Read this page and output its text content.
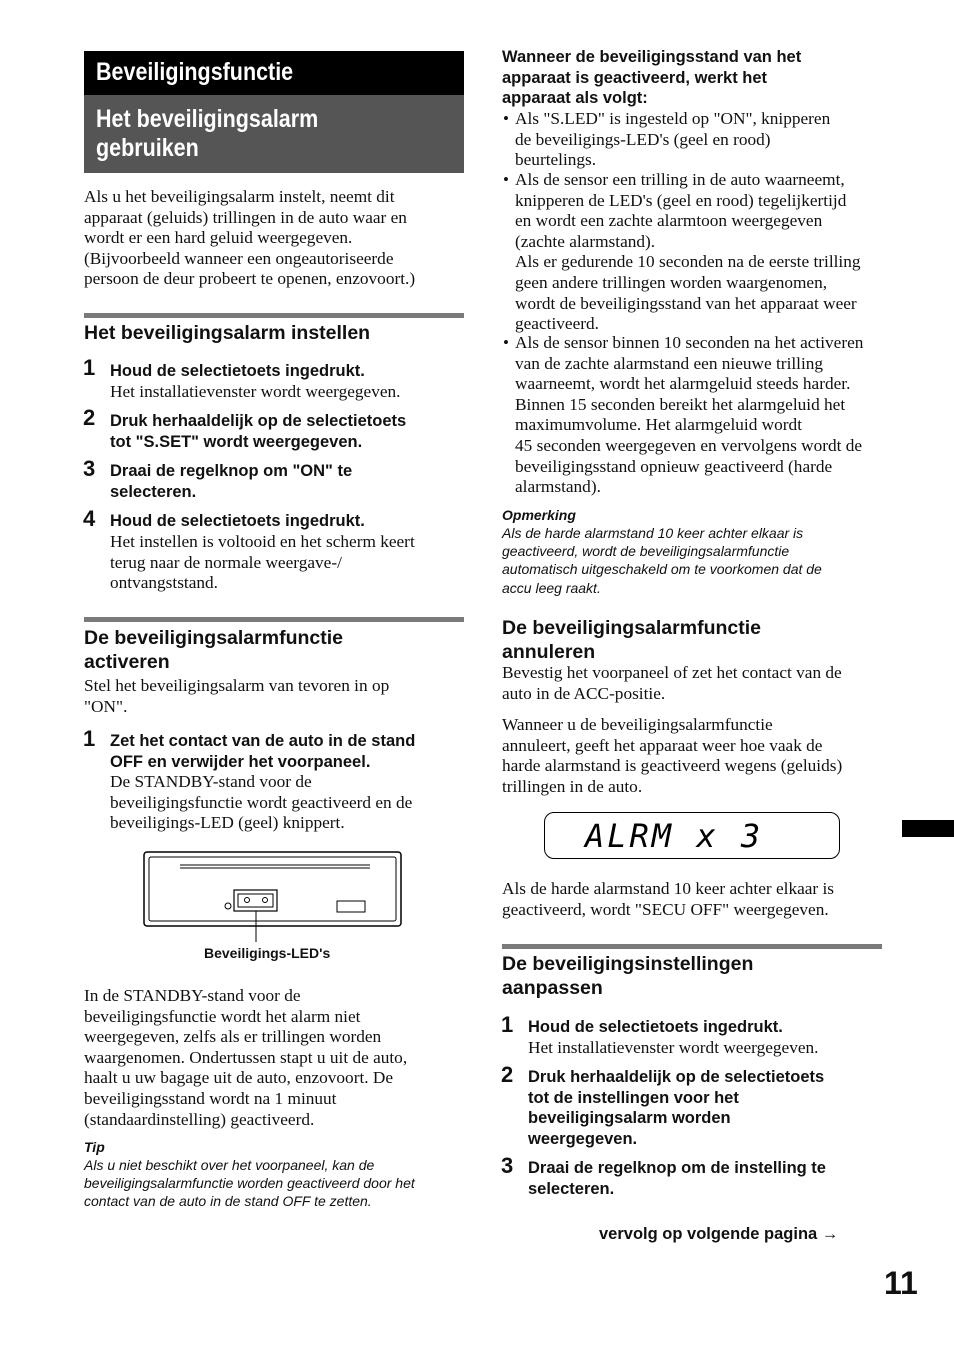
Beveiligingsfunctie
Het beveiligingsalarm
gebruiken
Als u het beveiligingsalarm instelt, neemt dit
apparaat (geluids) trillingen in de auto waar en
wordt er een hard geluid weergegeven.
(Bijvoorbeeld wanneer een ongeautoriseerde
persoon de deur probeert te openen, enzovoort.)
Het beveiligingsalarm instellen
1 Houd de selectietoets ingedrukt.
Het installatievenster wordt weergegeven.
2 Druk herhaaldelijk op de selectietoets
tot "S.SET" wordt weergegeven.
3 Draai de regelknop om "ON" te
selecteren.
4 Houd de selectietoets ingedrukt.
Het instellen is voltooid en het scherm keert
terug naar de normale weergave-/
ontvangststand.
De beveiligingsalarmfunctie
activeren
Stel het beveiligingsalarm van tevoren in op
"ON".
1 Zet het contact van de auto in de stand
OFF en verwijder het voorpaneel.
De STANDBY-stand voor de
beveiligingsfunctie wordt geactiveerd en de
beveiligings-LED (geel) knippert.
Beveiligings-LED's
In de STANDBY-stand voor de
beveiligingsfunctie wordt het alarm niet
weergegeven, zelfs als er trillingen worden
waargenomen. Ondertussen stapt u uit de auto,
haalt u uw bagage uit de auto, enzovoort. De
beveiligingsstand wordt na 1 minuut
(standaardinstelling) geactiveerd.
Tip
Als u niet beschikt over het voorpaneel, kan de
beveiligingsalarmfunctie worden geactiveerd door het
contact van de auto in de stand OFF te zetten.
Wanneer de beveiligingsstand van het
apparaat is geactiveerd, werkt het
apparaat als volgt:
• Als "S.LED" is ingesteld op "ON", knipperen
de beveiligings-LED's (geel en rood)
beurtelings.
• Als de sensor een trilling in de auto waarneemt,
knipperen de LED's (geel en rood) tegelijkertijd
en wordt een zachte alarmtoon weergegeven
(zachte alarmstand).
Als er gedurende 10 seconden na de eerste trilling
geen andere trillingen worden waargenomen,
wordt de beveiligingsstand van het apparaat weer
geactiveerd.
• Als de sensor binnen 10 seconden na het activeren
van de zachte alarmstand een nieuwe trilling
waarneemt, wordt het alarmgeluid steeds harder.
Binnen 15 seconden bereikt het alarmgeluid het
maximumvolume. Het alarmgeluid wordt
45 seconden weergegeven en vervolgens wordt de
beveiligingsstand opnieuw geactiveerd (harde
alarmstand).
Opmerking
Als de harde alarmstand 10 keer achter elkaar is
geactiveerd, wordt de beveiligingsalarmfunctie
automatisch uitgeschakeld om te voorkomen dat de
accu leeg raakt.
De beveiligingsalarmfunctie
annuleren
Bevestig het voorpaneel of zet het contact van de
auto in de ACC-positie.
Wanneer u de beveiligingsalarmfunctie
annuleert, geeft het apparaat weer hoe vaak de
harde alarmstand is geactiveerd wegens (geluids)
trillingen in de auto.
ALRM x 3
Als de harde alarmstand 10 keer achter elkaar is
geactiveerd, wordt "SECU OFF" weergegeven.
De beveiligingsinstellingen
aanpassen
1 Houd de selectietoets ingedrukt.
Het installatievenster wordt weergegeven.
2 Druk herhaaldelijk op de selectietoets
tot de instellingen voor het
beveiligingsalarm worden
weergegeven.
3 Draai de regelknop om de instelling te
selecteren.
vervolg op volgende pagina →
11
